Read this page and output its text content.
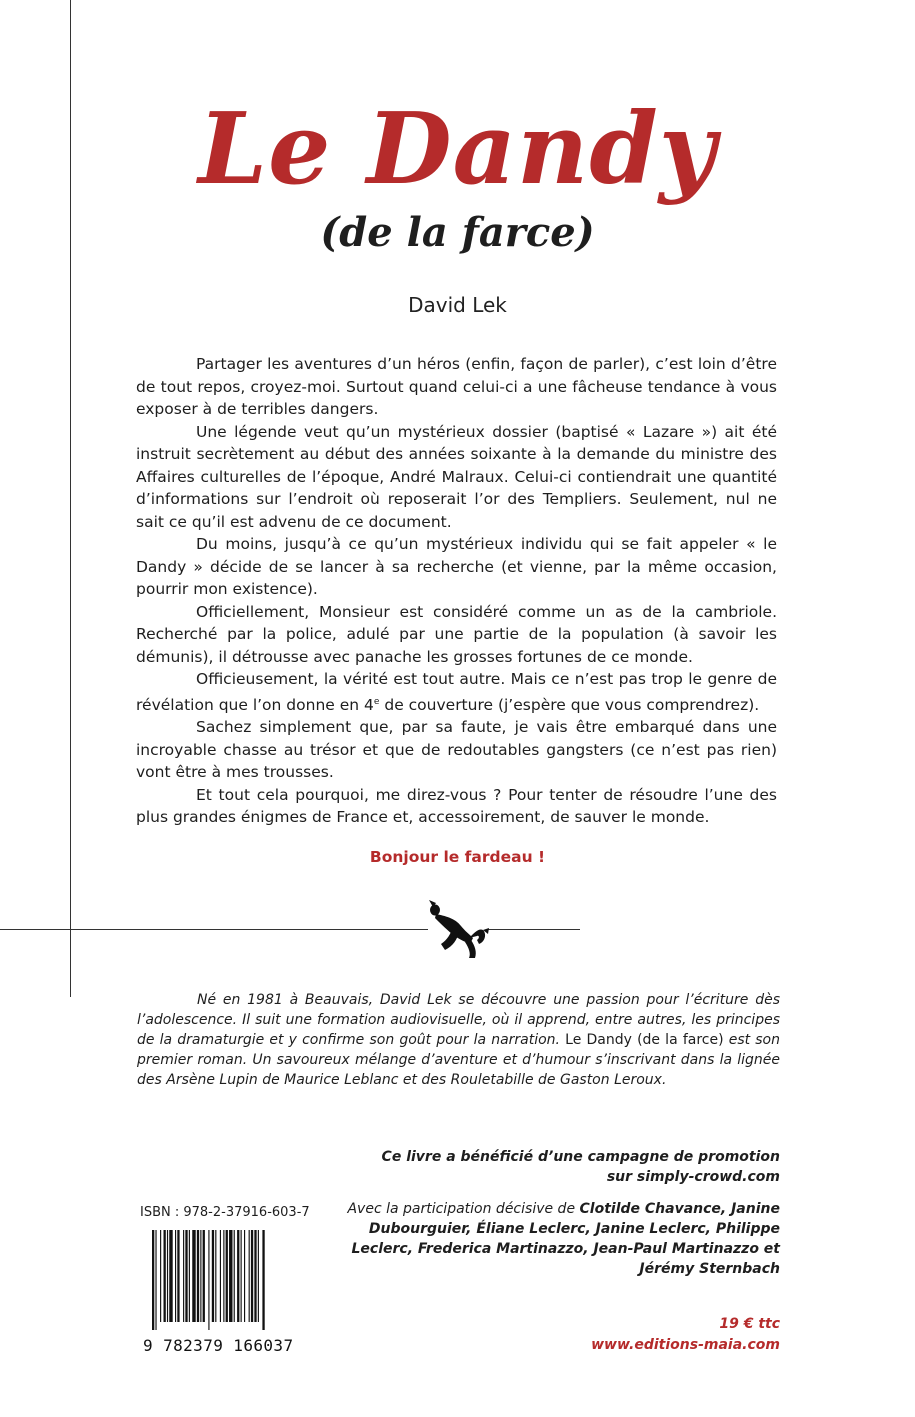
Le Dandy
(de la farce)
David Lek

Partager les aventures d’un héros (enfin, façon de parler), c’est loin d’être de tout repos, croyez-moi. Surtout quand celui-ci a une fâcheuse tendance à vous exposer à de terribles dangers.

Une légende veut qu’un mystérieux dossier (baptisé « Lazare ») ait été instruit secrètement au début des années soixante à la demande du ministre des Affaires culturelles de l’époque, André Malraux. Celui-ci contiendrait une quantité d’informations sur l’endroit où reposerait l’or des Templiers. Seulement, nul ne sait ce qu’il est advenu de ce document.

Du moins, jusqu’à ce qu’un mystérieux individu qui se fait appeler « le Dandy » décide de se lancer à sa recherche (et vienne, par la même occasion, pourrir mon existence).

Officiellement, Monsieur est considéré comme un as de la cambriole. Recherché par la police, adulé par une partie de la population (à savoir les démunis), il détrousse avec panache les grosses fortunes de ce monde.

Officieusement, la vérité est tout autre. Mais ce n’est pas trop le genre de révélation que l’on donne en 4e de couverture (j’espère que vous comprendrez).

Sachez simplement que, par sa faute, je vais être embarqué dans une incroyable chasse au trésor et que de redoutables gangsters (ce n’est pas rien) vont être à mes trousses.

Et tout cela pourquoi, me direz-vous ? Pour tenter de résoudre l’une des plus grandes énigmes de France et, accessoirement, de sauver le monde.

Bonjour le fardeau !

Né en 1981 à Beauvais, David Lek se découvre une passion pour l’écriture dès l’adolescence. Il suit une formation audiovisuelle, où il apprend, entre autres, les principes de la dramaturgie et y confirme son goût pour la narration. Le Dandy (de la farce) est son premier roman. Un savoureux mélange d’aventure et d’humour s’inscrivant dans la lignée des Arsène Lupin de Maurice Leblanc et des Rouletabille de Gaston Leroux.

Ce livre a bénéficié d’une campagne de promotion
sur simply-crowd.com
Avec la participation décisive de Clotilde Chavance, Janine Dubourguier, Éliane Leclerc, Janine Leclerc, Philippe Leclerc, Frederica Martinazzo, Jean-Paul Martinazzo et Jérémy Sternbach
ISBN : 978-2-37916-603-7
9 782379 166037
19 € ttc
www.editions-maia.com
